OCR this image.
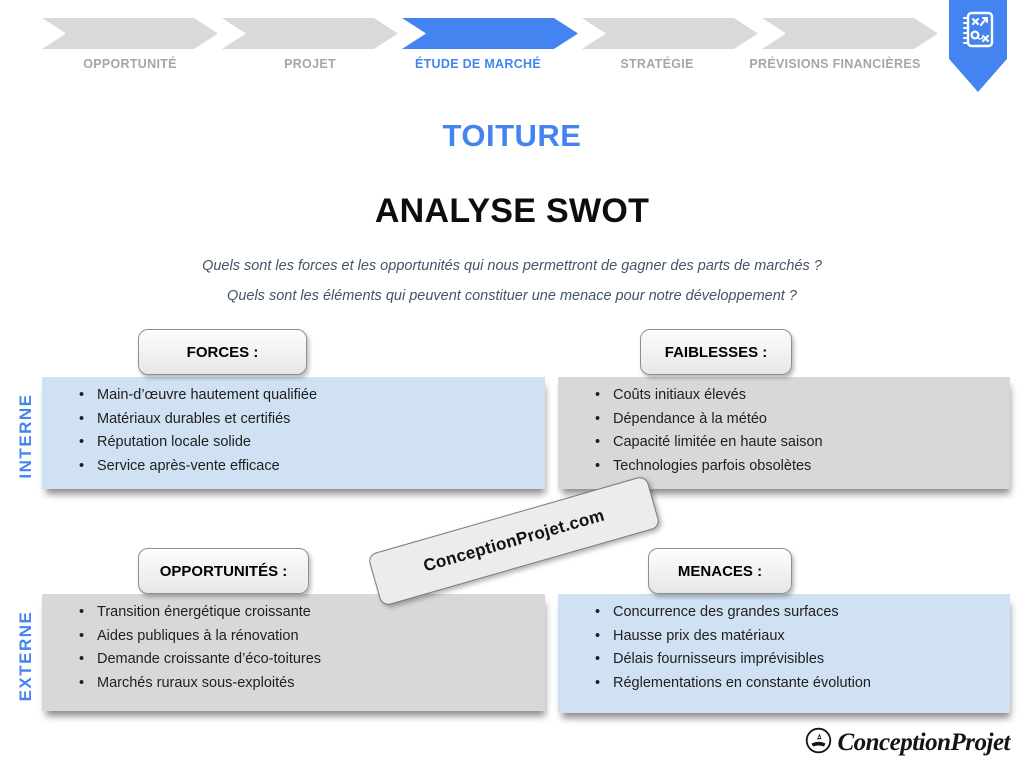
OPPORTUNITÉ	PROJET	ÉTUDE DE MARCHÉ	STRATÉGIE	PRÉVISIONS FINANCIÈRES
TOITURE
ANALYSE SWOT
Quels sont les forces et les opportunités qui nous permettront de gagner des parts de marchés ?
Quels sont les éléments qui peuvent constituer une menace pour notre développement ?
FORCES :	FAIBLESSES :
OPPORTUNITÉS :	MENACES :
• Main-d’œuvre hautement qualifiée
• Matériaux durables et certifiés
• Réputation locale solide
• Service après-vente efficace
• Coûts initiaux élevés
• Dépendance à la météo
• Capacité limitée en haute saison
• Technologies parfois obsolètes
• Transition énergétique croissante
• Aides publiques à la rénovation
• Demande croissante d’éco-toitures
• Marchés ruraux sous-exploités
• Concurrence des grandes surfaces
• Hausse prix des matériaux
• Délais fournisseurs imprévisibles
• Réglementations en constante évolution
INTERNE
EXTERNE
ConceptionProjet.com
ConceptionProjet
